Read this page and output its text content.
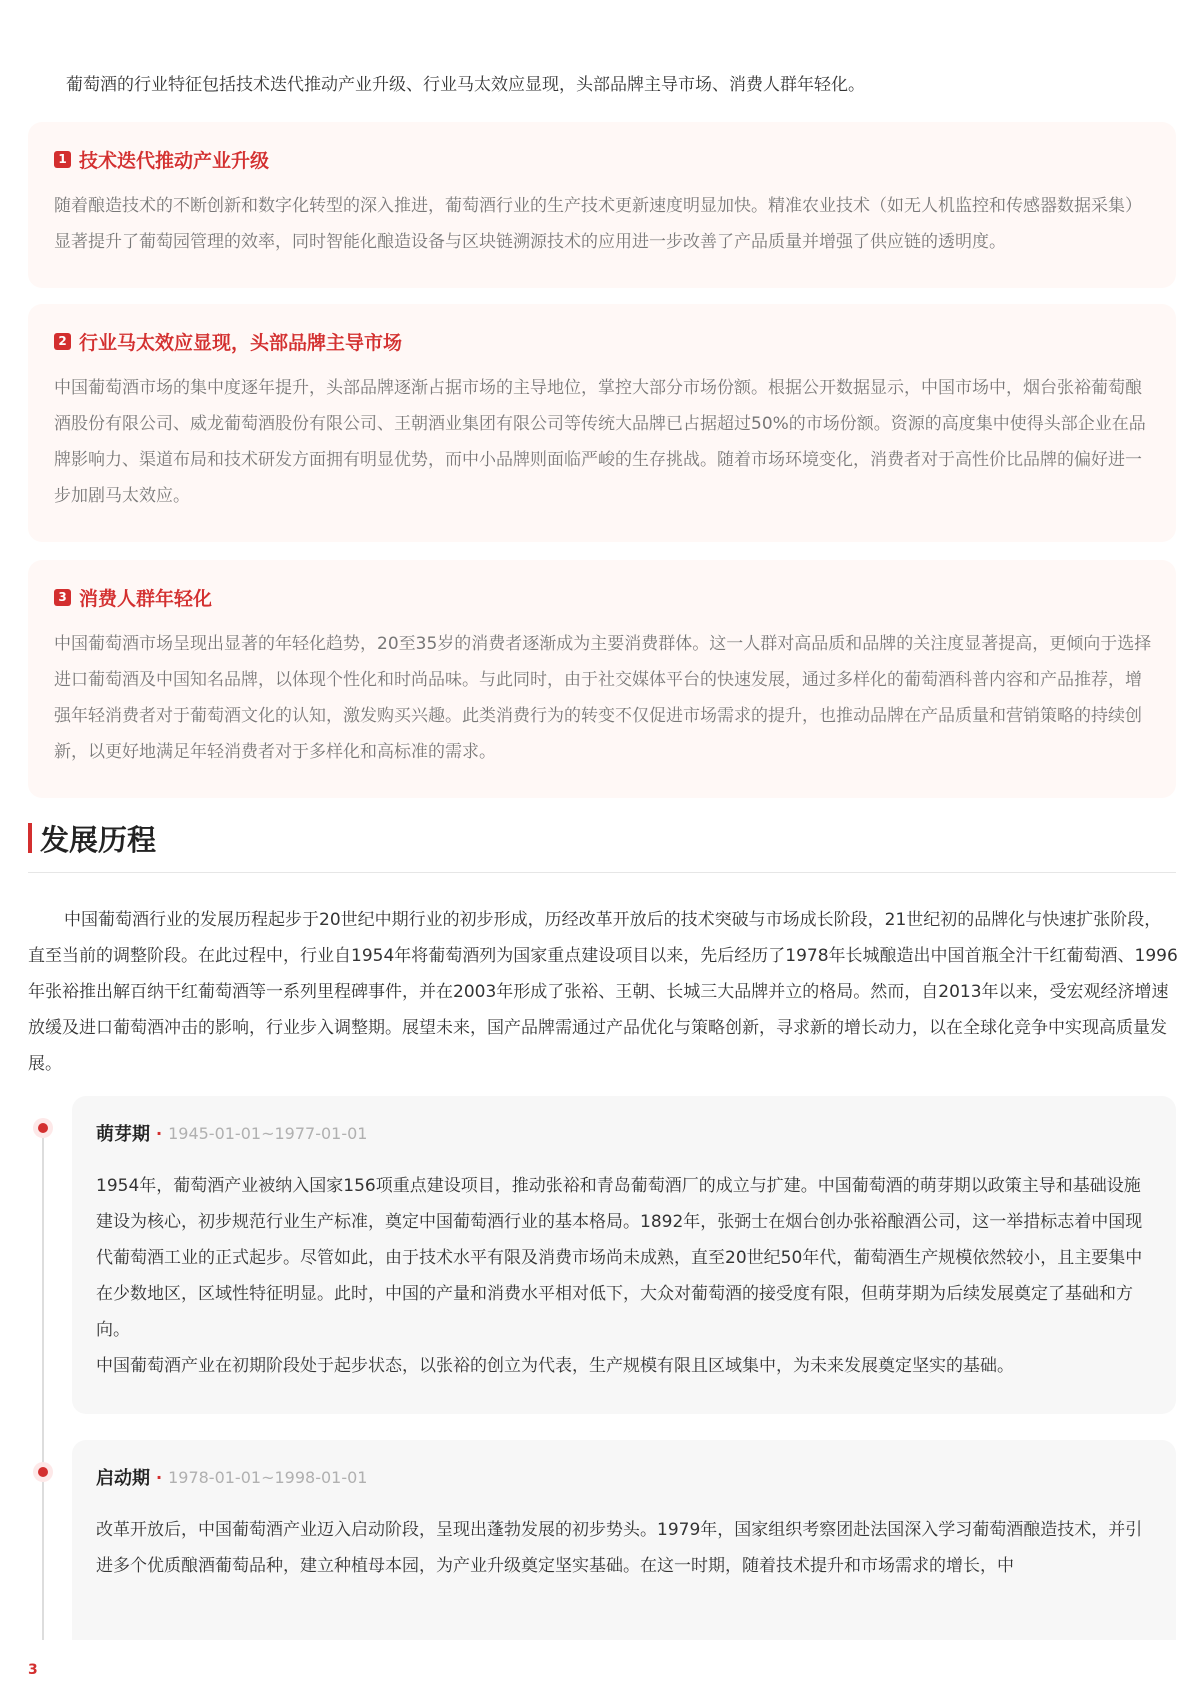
葡萄酒的行业特征包括技术迭代推动产业升级、行业马太效应显现，头部品牌主导市场、消费人群年轻化。
1 技术迭代推动产业升级
随着酿造技术的不断创新和数字化转型的深入推进，葡萄酒行业的生产技术更新速度明显加快。精准农业技术（如无人机监控和传感器数据采集）显著提升了葡萄园管理的效率，同时智能化酿造设备与区块链溯源技术的应用进一步改善了产品质量并增强了供应链的透明度。
2 行业马太效应显现，头部品牌主导市场
中国葡萄酒市场的集中度逐年提升，头部品牌逐渐占据市场的主导地位，掌控大部分市场份额。根据公开数据显示，中国市场中，烟台张裕葡萄酿酒股份有限公司、威龙葡萄酒股份有限公司、王朝酒业集团有限公司等传统大品牌已占据超过50%的市场份额。资源的高度集中使得头部企业在品牌影响力、渠道布局和技术研发方面拥有明显优势，而中小品牌则面临严峻的生存挑战。随着市场环境变化，消费者对于高性价比品牌的偏好进一步加剧马太效应。
3 消费人群年轻化
中国葡萄酒市场呈现出显著的年轻化趋势，20至35岁的消费者逐渐成为主要消费群体。这一人群对高品质和品牌的关注度显著提高，更倾向于选择进口葡萄酒及中国知名品牌，以体现个性化和时尚品味。与此同时，由于社交媒体平台的快速发展，通过多样化的葡萄酒科普内容和产品推荐，增强年轻消费者对于葡萄酒文化的认知，激发购买兴趣。此类消费行为的转变不仅促进市场需求的提升，也推动品牌在产品质量和营销策略的持续创新，以更好地满足年轻消费者对于多样化和高标准的需求。
发展历程
中国葡萄酒行业的发展历程起步于20世纪中期行业的初步形成，历经改革开放后的技术突破与市场成长阶段，21世纪初的品牌化与快速扩张阶段，直至当前的调整阶段。在此过程中，行业自1954年将葡萄酒列为国家重点建设项目以来，先后经历了1978年长城酿造出中国首瓶全汁干红葡萄酒、1996年张裕推出解百纳干红葡萄酒等一系列里程碑事件，并在2003年形成了张裕、王朝、长城三大品牌并立的格局。然而，自2013年以来，受宏观经济增速放缓及进口葡萄酒冲击的影响，行业步入调整期。展望未来，国产品牌需通过产品优化与策略创新，寻求新的增长动力，以在全球化竞争中实现高质量发展。
萌芽期 · 1945-01-01~1977-01-01
1954年，葡萄酒产业被纳入国家156项重点建设项目，推动张裕和青岛葡萄酒厂的成立与扩建。中国葡萄酒的萌芽期以政策主导和基础设施建设为核心，初步规范行业生产标准，奠定中国葡萄酒行业的基本格局。1892年，张弼士在烟台创办张裕酿酒公司，这一举措标志着中国现代葡萄酒工业的正式起步。尽管如此，由于技术水平有限及消费市场尚未成熟，直至20世纪50年代，葡萄酒生产规模依然较小，且主要集中在少数地区，区域性特征明显。此时，中国的产量和消费水平相对低下，大众对葡萄酒的接受度有限，但萌芽期为后续发展奠定了基础和方向。
中国葡萄酒产业在初期阶段处于起步状态，以张裕的创立为代表，生产规模有限且区域集中，为未来发展奠定坚实的基础。
启动期 · 1978-01-01~1998-01-01
改革开放后，中国葡萄酒产业迈入启动阶段，呈现出蓬勃发展的初步势头。1979年，国家组织考察团赴法国深入学习葡萄酒酿造技术，并引进多个优质酿酒葡萄品种，建立种植母本园，为产业升级奠定坚实基础。在这一时期，随着技术提升和市场需求的增长，中
3
